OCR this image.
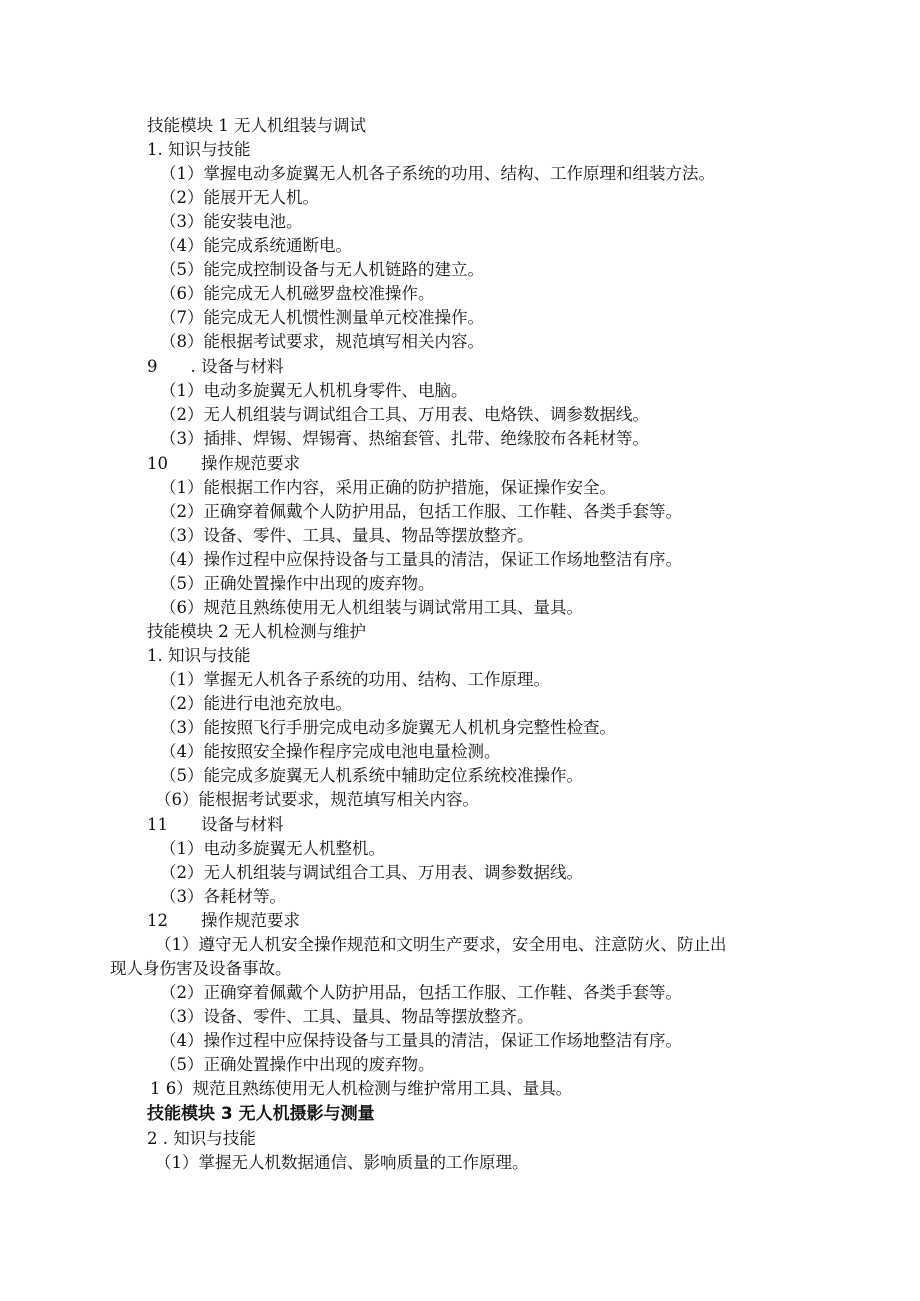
技能模块 1 无人机组装与调试

1. 知识与技能

（1）掌握电动多旋翼无人机各子系统的功用、结构、工作原理和组装方法。

（2）能展开无人机。

（3）能安装电池。

（4）能完成系统通断电。

（5）能完成控制设备与无人机链路的建立。

（6）能完成无人机磁罗盘校准操作。

（7）能完成无人机惯性测量单元校准操作。

（8）能根据考试要求，规范填写相关内容。

9　　. 设备与材料

（1）电动多旋翼无人机机身零件、电脑。

（2）无人机组装与调试组合工具、万用表、电烙铁、调参数据线。

（3）插排、焊锡、焊锡膏、热缩套管、扎带、绝缘胶布各耗材等。

10　　操作规范要求

（1）能根据工作内容，采用正确的防护措施，保证操作安全。

（2）正确穿着佩戴个人防护用品，包括工作服、工作鞋、各类手套等。

（3）设备、零件、工具、量具、物品等摆放整齐。

（4）操作过程中应保持设备与工量具的清洁，保证工作场地整洁有序。

（5）正确处置操作中出现的废弃物。

（6）规范且熟练使用无人机组装与调试常用工具、量具。

技能模块 2 无人机检测与维护

1. 知识与技能

（1）掌握无人机各子系统的功用、结构、工作原理。

（2）能进行电池充放电。

（3）能按照飞行手册完成电动多旋翼无人机机身完整性检查。

（4）能按照安全操作程序完成电池电量检测。

（5）能完成多旋翼无人机系统中辅助定位系统校准操作。

（6）能根据考试要求，规范填写相关内容。

11　　设备与材料

（1）电动多旋翼无人机整机。

（2）无人机组装与调试组合工具、万用表、调参数据线。

（3）各耗材等。

12　　操作规范要求

（1）遵守无人机安全操作规范和文明生产要求，安全用电、注意防火、防止出

现人身伤害及设备事故。

（2）正确穿着佩戴个人防护用品，包括工作服、工作鞋、各类手套等。

（3）设备、零件、工具、量具、物品等摆放整齐。

（4）操作过程中应保持设备与工量具的清洁，保证工作场地整洁有序。

（5）正确处置操作中出现的废弃物。

1 6）规范且熟练使用无人机检测与维护常用工具、量具。

技能模块 3 无人机摄影与测量

2 . 知识与技能

（1）掌握无人机数据通信、影响质量的工作原理。
